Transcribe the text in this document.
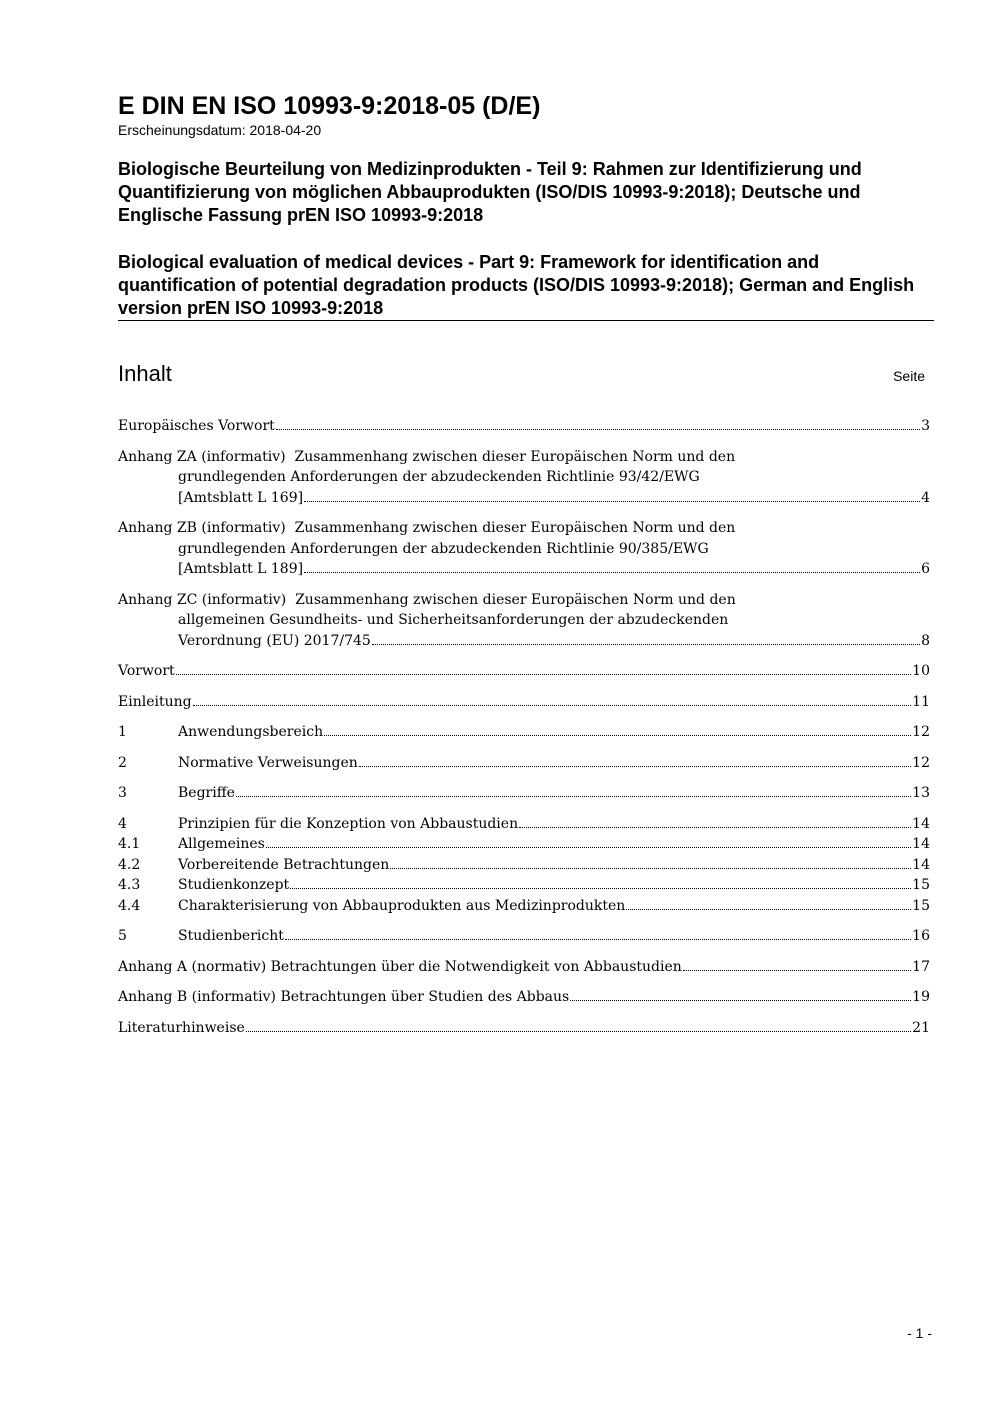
E DIN EN ISO 10993-9:2018-05 (D/E)
Erscheinungsdatum: 2018-04-20
Biologische Beurteilung von Medizinprodukten - Teil 9: Rahmen zur Identifizierung und Quantifizierung von möglichen Abbauprodukten (ISO/DIS 10993-9:2018); Deutsche und Englische Fassung prEN ISO 10993-9:2018
Biological evaluation of medical devices - Part 9: Framework for identification and quantification of potential degradation products (ISO/DIS 10993-9:2018); German and English version prEN ISO 10993-9:2018
Inhalt	Seite
Europäisches Vorwort	3
Anhang ZA (informativ) Zusammenhang zwischen dieser Europäischen Norm und den
grundlegenden Anforderungen der abzudeckenden Richtlinie 93/42/EWG
[Amtsblatt L 169]	4
Anhang ZB (informativ) Zusammenhang zwischen dieser Europäischen Norm und den
grundlegenden Anforderungen der abzudeckenden Richtlinie 90/385/EWG
[Amtsblatt L 189]	6
Anhang ZC (informativ) Zusammenhang zwischen dieser Europäischen Norm und den
allgemeinen Gesundheits- und Sicherheitsanforderungen der abzudeckenden
Verordnung (EU) 2017/745	8
Vorwort	10
Einleitung	11
1	Anwendungsbereich	12
2	Normative Verweisungen	12
3	Begriffe	13
4	Prinzipien für die Konzeption von Abbaustudien	14
4.1	Allgemeines	14
4.2	Vorbereitende Betrachtungen	14
4.3	Studienkonzept	15
4.4	Charakterisierung von Abbauprodukten aus Medizinprodukten	15
5	Studienbericht	16
Anhang A (normativ) Betrachtungen über die Notwendigkeit von Abbaustudien	17
Anhang B (informativ) Betrachtungen über Studien des Abbaus	19
Literaturhinweise	21
- 1 -
